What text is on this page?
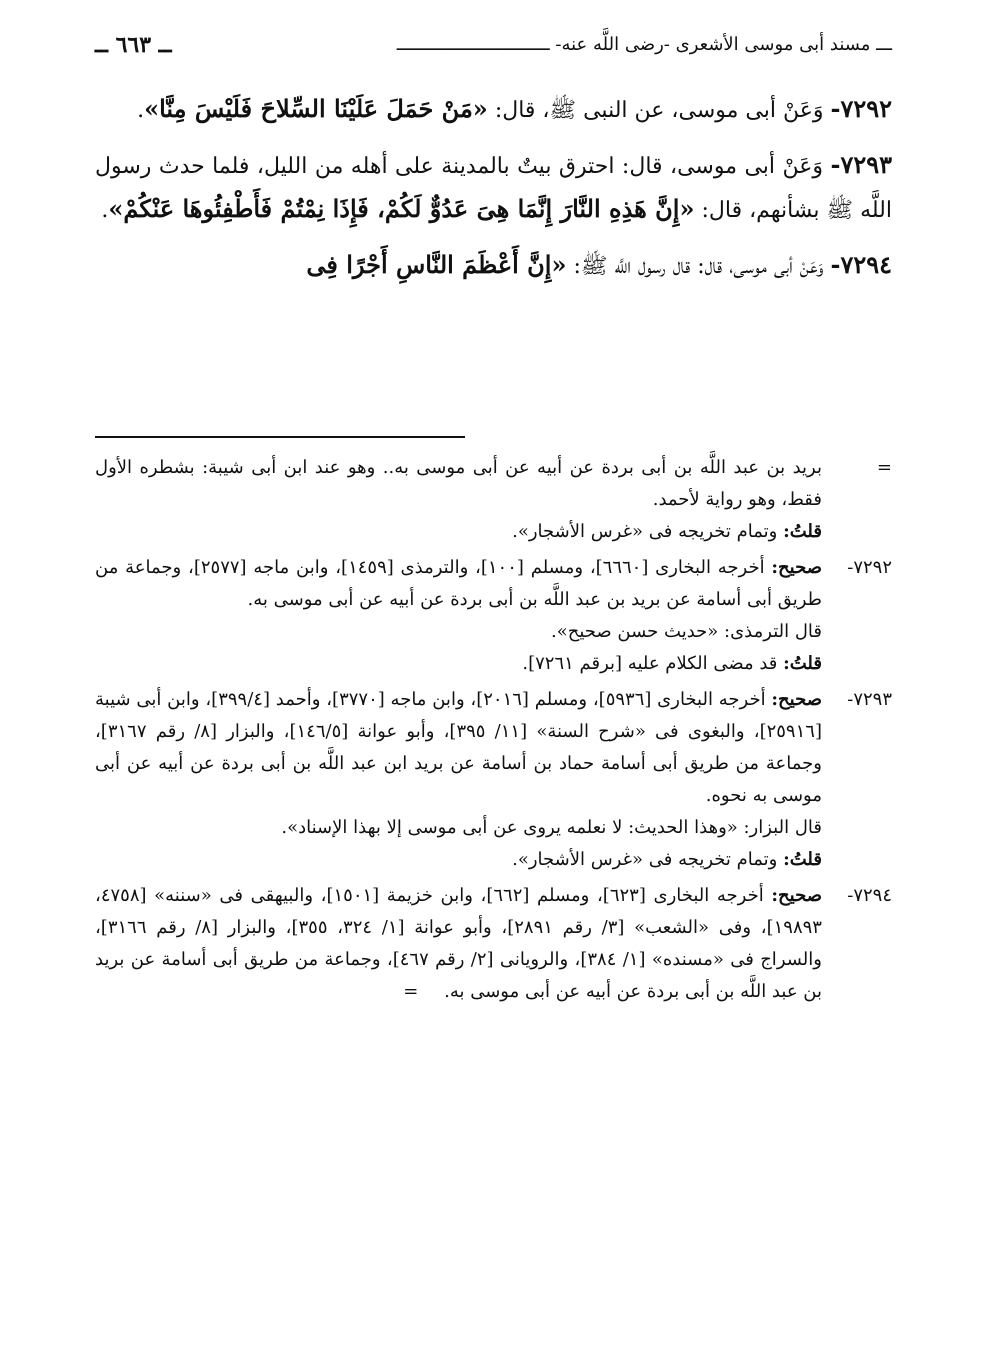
ـــ مسند أبى موسى الأشعرى -رضى اللَّه عنه- ـــــــــــــــــــــــــــــ
ــ ٦٦٣ ــ

٧٢٩٢- وَعَنْ أبى موسى، عن النبى ﷺ، قال: «مَنْ حَمَلَ عَلَيْنَا السِّلاحَ فَلَيْسَ مِنَّا».

٧٢٩٣- وَعَنْ أبى موسى، قال: احترق بيتٌ بالمدينة على أهله من الليل، فلما حدث رسول اللَّه ﷺ بشأنهم، قال: «إِنَّ هَذِهِ النَّارَ إِنَّمَا هِىَ عَدُوٌّ لَكُمْ، فَإِذَا نِمْتُمْ فَأَطْفِئُوهَا عَنْكُمْ».

٧٢٩٤- وَعَنْ أبى موسى، قال: قال رسول اللَّه ﷺ: «إِنَّ أَعْظَمَ النَّاسِ أَجْرًا فِى

=
بريد بن عبد اللَّه بن أبى بردة عن أبيه عن أبى موسى به.. وهو عند ابن أبى شيبة: بشطره الأول فقط، وهو رواية لأحمد.
قلتُ: وتمام تخريجه فى «غرس الأشجار».
٧٢٩٢-
صحيح: أخرجه البخارى [٦٦٦٠]، ومسلم [١٠٠]، والترمذى [١٤٥٩]، وابن ماجه [٢٥٧٧]، وجماعة من طريق أبى أسامة عن بريد بن عبد اللَّه بن أبى بردة عن أبيه عن أبى موسى به.
قال الترمذى: «حديث حسن صحيح».
قلتُ: قد مضى الكلام عليه [برقم ٧٢٦١].
٧٢٩٣-
صحيح: أخرجه البخارى [٥٩٣٦]، ومسلم [٢٠١٦]، وابن ماجه [٣٧٧٠]، وأحمد [٣٩٩/٤]، وابن أبى شيبة [٢٥٩١٦]، والبغوى فى «شرح السنة» [١١/ ٣٩٥]، وأبو عوانة [١٤٦/٥]، والبزار [٨/ رقم ٣١٦٧]، وجماعة من طريق أبى أسامة حماد بن أسامة عن بريد ابن عبد اللَّه بن أبى بردة عن أبيه عن أبى موسى به نحوه.
قال البزار: «وهذا الحديث: لا نعلمه يروى عن أبى موسى إلا بهذا الإسناد».
قلتُ: وتمام تخريجه فى «غرس الأشجار».
٧٢٩٤-
صحيح: أخرجه البخارى [٦٢٣]، ومسلم [٦٦٢]، وابن خزيمة [١٥٠١]، والبيهقى فى «سننه» [٤٧٥٨، ١٩٨٩٣]، وفى «الشعب» [٣/ رقم ٢٨٩١]، وأبو عوانة [١/ ٣٢٤، ٣٥٥]، والبزار [٨/ رقم ٣١٦٦]، والسراج فى «مسنده» [١/ ٣٨٤]، والرويانى [٢/ رقم ٤٦٧]، وجماعة من طريق أبى أسامة عن بريد بن عبد اللَّه بن أبى بردة عن أبيه عن أبى موسى به. =
